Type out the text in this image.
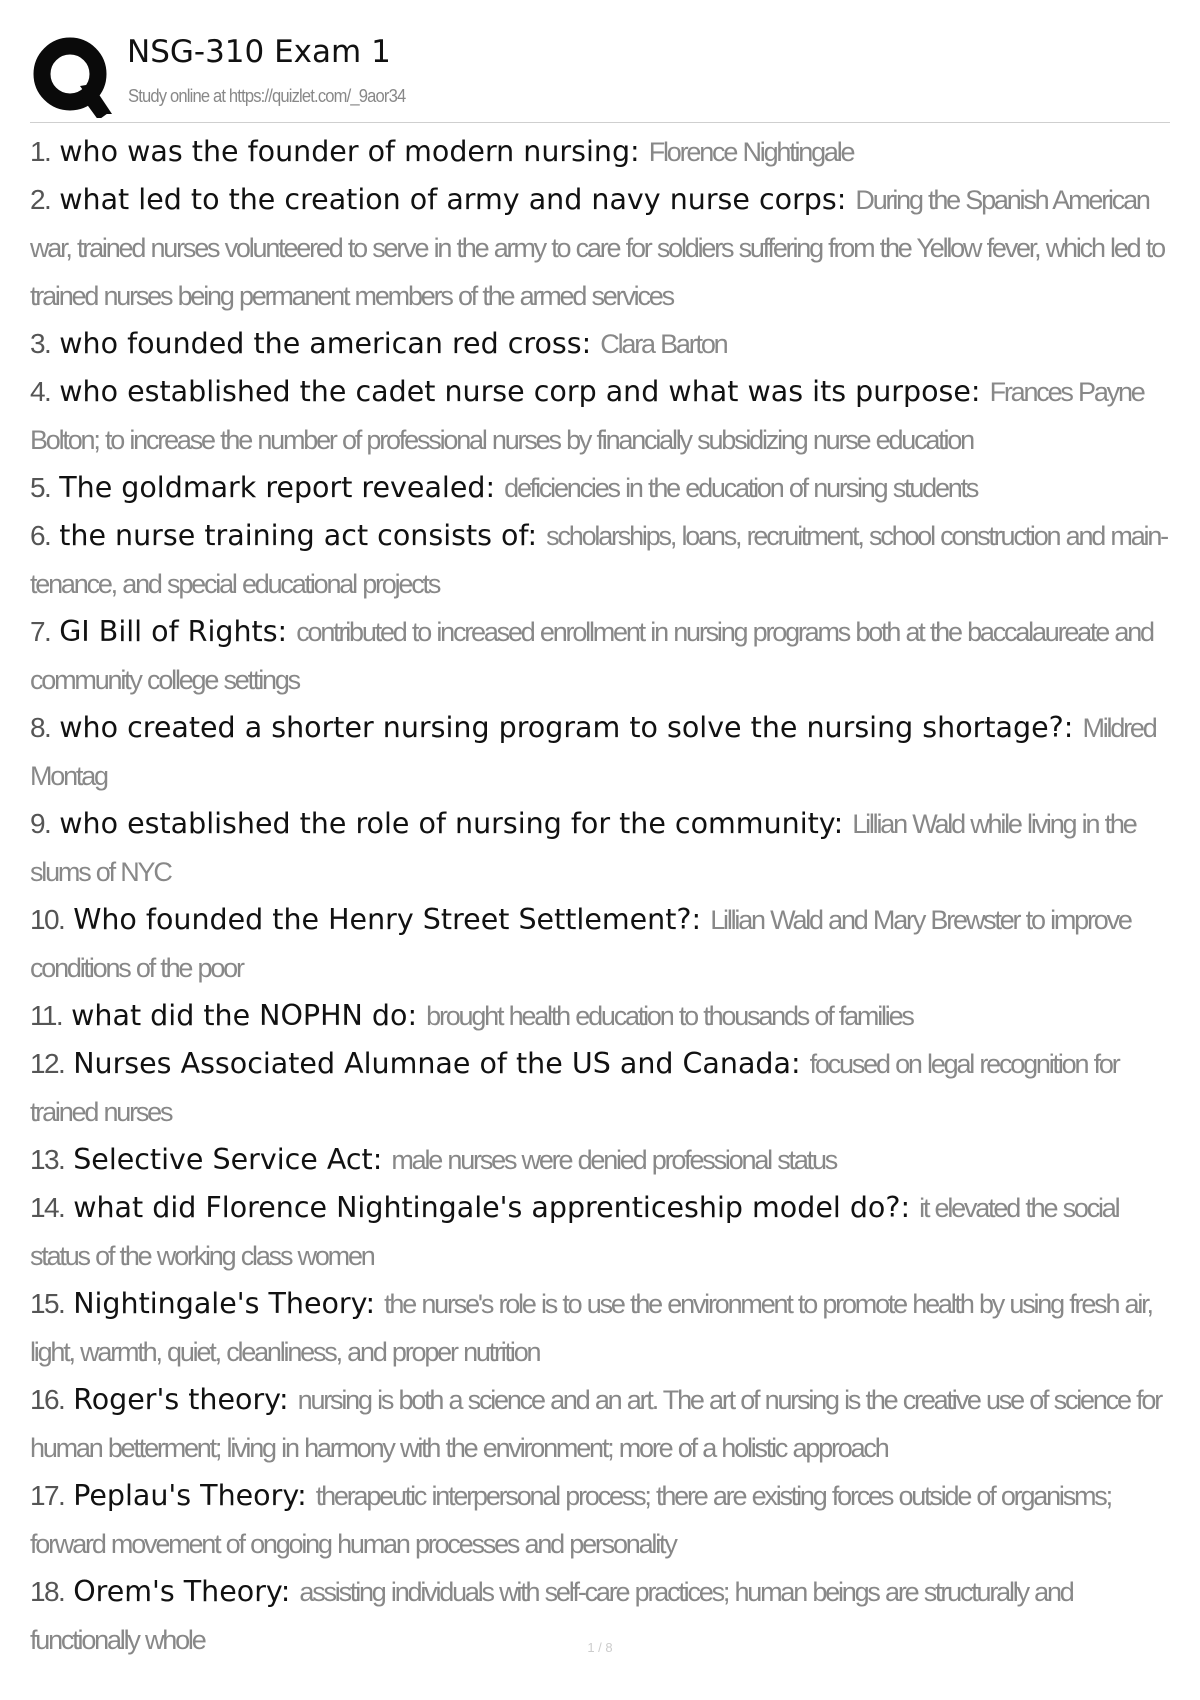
NSG-310 Exam 1
Study online at https://quizlet.com/_9aor34
1. who was the founder of modern nursing: Florence Nightingale
2. what led to the creation of army and navy nurse corps: During the Spanish American war, trained nurses volunteered to serve in the army to care for soldiers suffering from the Yellow fever, which led to trained nurses being permanent members of the armed services
3. who founded the american red cross: Clara Barton
4. who established the cadet nurse corp and what was its purpose: Frances Payne Bolton; to increase the number of professional nurses by financially subsidizing nurse education
5. The goldmark report revealed: deficiencies in the education of nursing students
6. the nurse training act consists of: scholarships, loans, recruitment, school construction and main-tenance, and special educational projects
7. GI Bill of Rights: contributed to increased enrollment in nursing programs both at the baccalaureate and community college settings
8. who created a shorter nursing program to solve the nursing shortage?: Mildred Montag
9. who established the role of nursing for the community: Lillian Wald while living in the slums of NYC
10. Who founded the Henry Street Settlement?: Lillian Wald and Mary Brewster to improve conditions of the poor
11. what did the NOPHN do: brought health education to thousands of families
12. Nurses Associated Alumnae of the US and Canada: focused on legal recognition for trained nurses
13. Selective Service Act: male nurses were denied professional status
14. what did Florence Nightingale's apprenticeship model do?: it elevated the social status of the working class women
15. Nightingale's Theory: the nurse's role is to use the environment to promote health by using fresh air, light, warmth, quiet, cleanliness, and proper nutrition
16. Roger's theory: nursing is both a science and an art. The art of nursing is the creative use of science for human betterment; living in harmony with the environment; more of a holistic approach
17. Peplau's Theory: therapeutic interpersonal process; there are existing forces outside of organisms; forward movement of ongoing human processes and personality
18. Orem's Theory: assisting individuals with self-care practices; human beings are structurally and functionally whole	1 / 8
